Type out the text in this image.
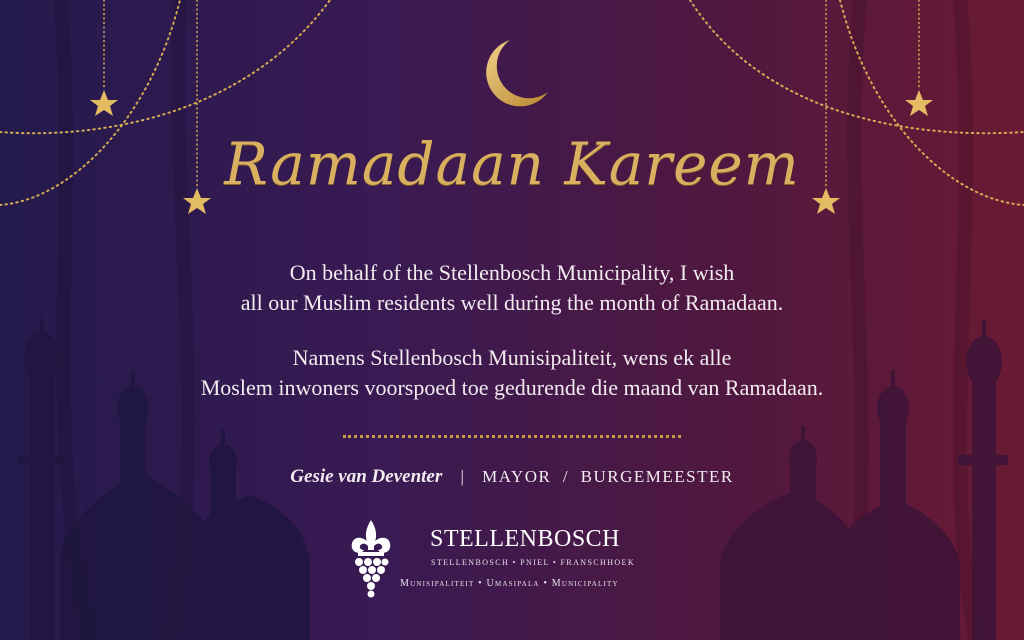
Ramadaan Kareem
On behalf of the Stellenbosch Municipality, I wish
all our Muslim residents well during the month of Ramadaan.
Namens Stellenbosch Munisipaliteit, wens ek alle
Moslem inwoners voorspoed toe gedurende die maand van Ramadaan.
Gesie van Deventer | MAYOR  /  BURGEMEESTER
STELLENBOSCH
STELLENBOSCH • PNIEL • FRANSCHHOEK
Munisipaliteit • Umasipala • Municipality
